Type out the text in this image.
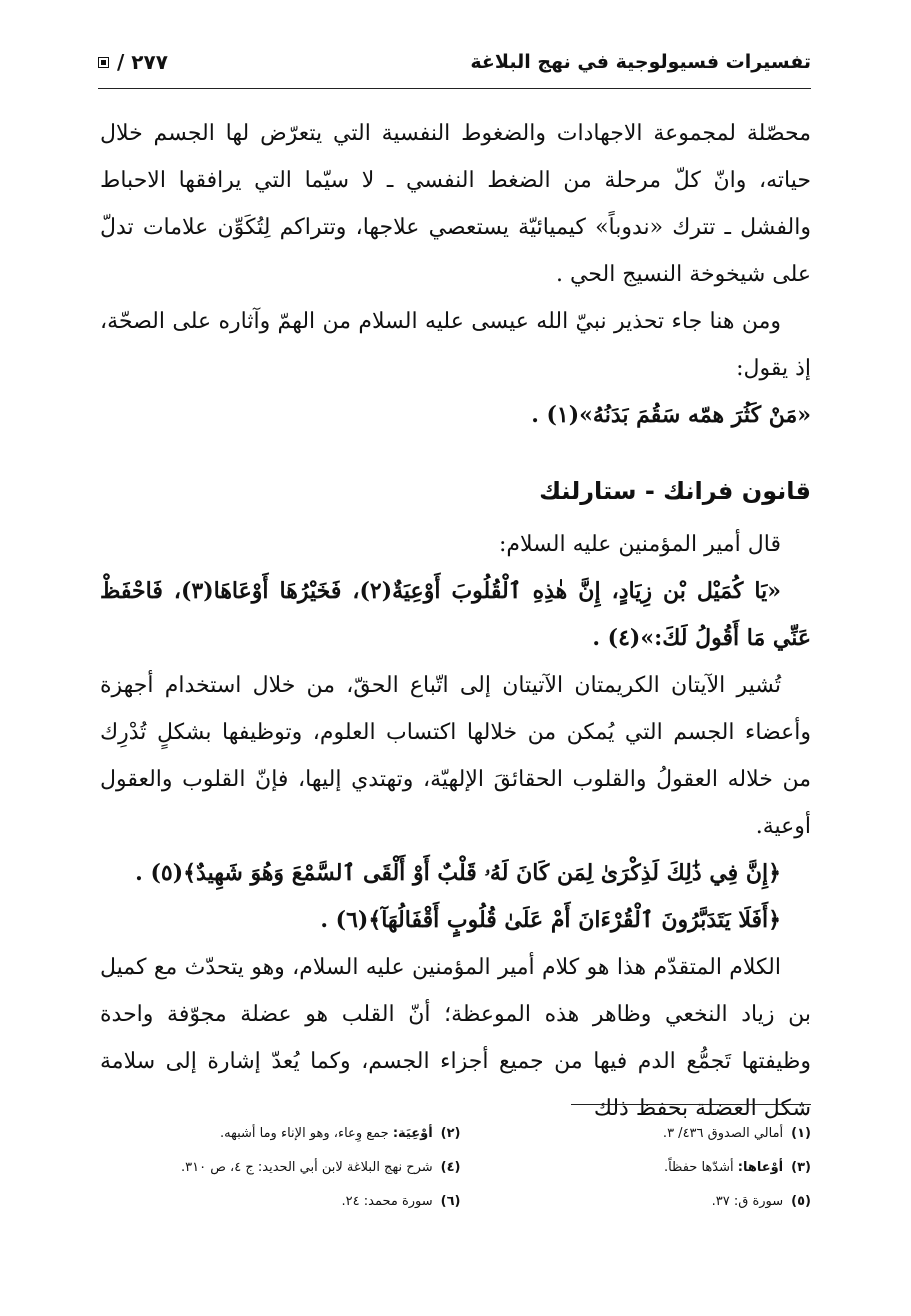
تفسيرات فسيولوجية في نهج البلاغة
٢٧٧ /

محصّلة لمجموعة الاجهادات والضغوط النفسية التي يتعرّض لها الجسم خلال حياته، وانّ كلّ مرحلة من الضغط النفسي ـ لا سيّما التي يرافقها الاحباط والفشل ـ تترك «ندوباً» كيميائيّة يستعصي علاجها، وتتراكم لِتُكَوِّن علامات تدلّ على شيخوخة النسيج الحي .

ومن هنا جاء تحذير نبيّ الله عيسى عليه السلام من الهمّ وآثاره على الصحّة، إذ يقول:

«مَنْ كَثُرَ همّه سَقُمَ بَدَنُهُ»(١) .

قانون فرانك - ستارلنك

قال أمير المؤمنين عليه السلام:

«يَا كُمَيْل بْن زِيَادٍ، إِنَّ هٰذِهِ ٱلْقُلُوبَ أَوْعِيَةٌ(٢)، فَخَيْرُهَا أَوْعَاهَا(٣)، فَاحْفَظْ عَنِّي مَا أَقُولُ لَكَ:»(٤) .

تُشير الآيتان الكريمتان الآتيتان إلى اتّباع الحقّ، من خلال استخدام أجهزة وأعضاء الجسم التي يُمكن من خلالها اكتساب العلوم، وتوظيفها بشكلٍ تُدْرِك من خلاله العقولُ والقلوب الحقائقَ الإلهيّة، وتهتدي إليها، فإنّ القلوب والعقول أوعية.

﴿إِنَّ فِي ذَٰلِكَ لَذِكْرَىٰ لِمَن كَانَ لَهُۥ قَلْبٌ أَوْ أَلْقَى ٱلسَّمْعَ وَهُوَ شَهِيدٌ﴾(٥) .

﴿أَفَلَا يَتَدَبَّرُونَ ٱلْقُرْءَانَ أَمْ عَلَىٰ قُلُوبٍ أَقْفَالُهَآ﴾(٦) .

الكلام المتقدّم هذا هو كلام أمير المؤمنين عليه السلام، وهو يتحدّث مع كميل بن زياد النخعي وظاهر هذه الموعظة؛ أنّ القلب هو عضلة مجوّفة واحدة وظيفتها تَجمُّع الدم فيها من جميع أجزاء الجسم، وكما يُعدّ إشارة إلى سلامة شكل العضلة بحفظ ذلك

(١)أمالي الصدوق ٤٣٦/ ٣.
(٢)أوْعِيَة: جمع وِعاء، وهو الإناء وما أشبهه.
(٣)أوْعاها: أشدّها حفظاً.
(٤)شرح نهج البلاغة لابن أبي الحديد: ج ٤، ص ٣١٠.
(٥)سورة ق: ٣٧.
(٦)سورة محمد: ٢٤.
